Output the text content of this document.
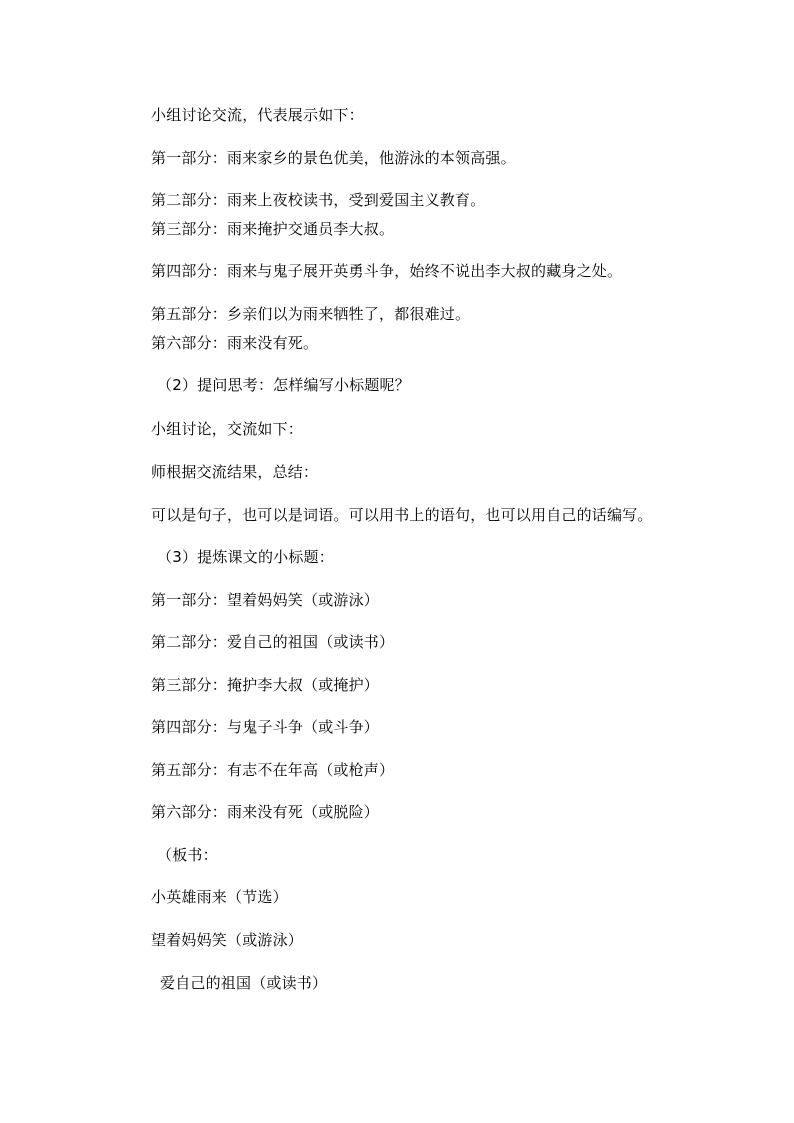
小组讨论交流，代表展示如下：
第一部分：雨来家乡的景色优美，他游泳的本领高强。
第二部分：雨来上夜校读书，受到爱国主义教育。
第三部分：雨来掩护交通员李大叔。
第四部分：雨来与鬼子展开英勇斗争，始终不说出李大叔的藏身之处。
第五部分：乡亲们以为雨来牺牲了，都很难过。
第六部分：雨来没有死。
（2）提问思考：怎样编写小标题呢？
小组讨论，交流如下：
师根据交流结果，总结：
可以是句子，也可以是词语。可以用书上的语句，也可以用自己的话编写。
（3）提炼课文的小标题：
第一部分：望着妈妈笑（或游泳）
第二部分：爱自己的祖国（或读书）
第三部分：掩护李大叔（或掩护）
第四部分：与鬼子斗争（或斗争）
第五部分：有志不在年高（或枪声）
第六部分：雨来没有死（或脱险）
（板书：
小英雄雨来（节选）
望着妈妈笑（或游泳）
爱自己的祖国（或读书）
